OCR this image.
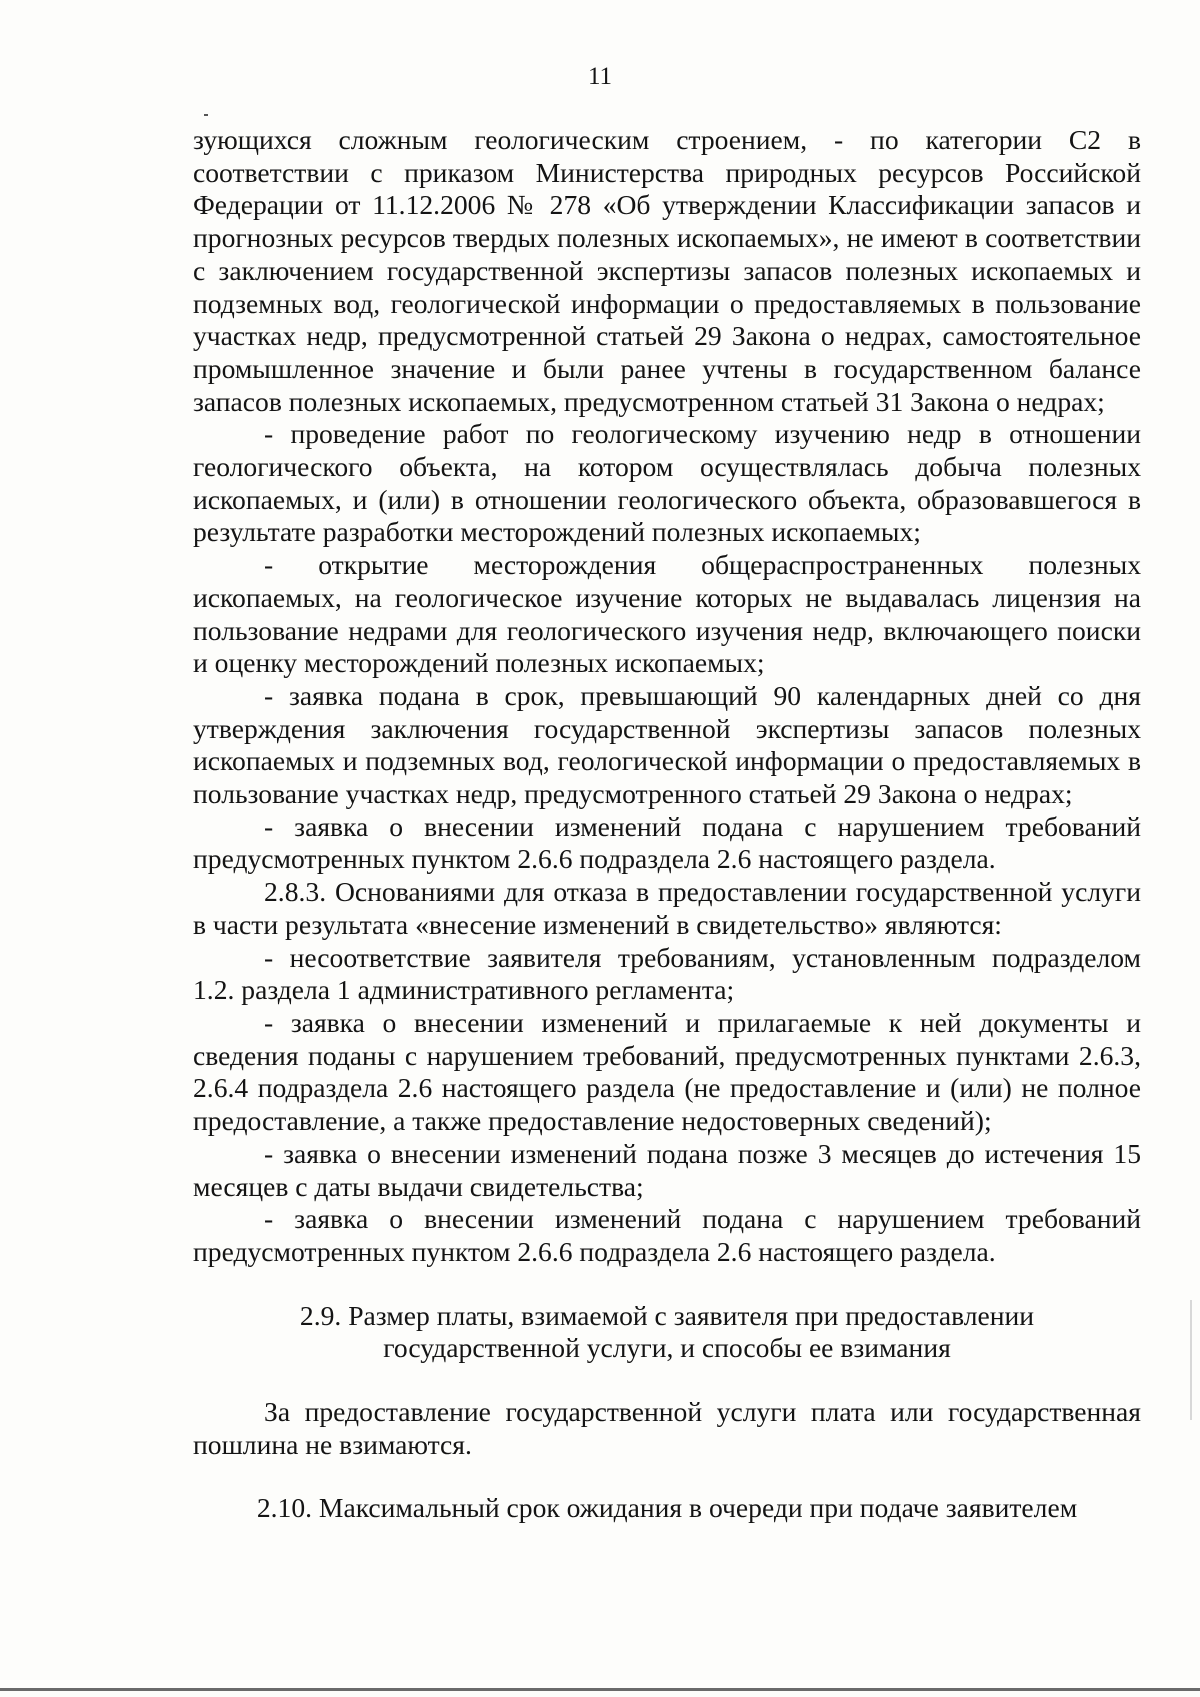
11

зующихся сложным геологическим строением, - по категории С2 в соответствии с приказом Министерства природных ресурсов Российской Федерации от 11.12.2006 № 278 «Об утверждении Классификации запасов и прогнозных ресурсов твердых полезных ископаемых», не имеют в соответствии с заключением государственной экспертизы запасов полезных ископаемых и подземных вод, геологической информации о предоставляемых в пользование участках недр, предусмотренной статьей 29 Закона о недрах, самостоятельное промышленное значение и были ранее учтены в государственном балансе запасов полезных ископаемых, предусмотренном статьей 31 Закона о недрах;

- проведение работ по геологическому изучению недр в отношении геологического объекта, на котором осуществлялась добыча полезных ископаемых, и (или) в отношении геологического объекта, образовавшегося в результате разработки месторождений полезных ископаемых;

- открытие месторождения общераспространенных полезных ископаемых, на геологическое изучение которых не выдавалась лицензия на пользование недрами для геологического изучения недр, включающего поиски и оценку месторождений полезных ископаемых;

- заявка подана в срок, превышающий 90 календарных дней со дня утверждения заключения государственной экспертизы запасов полезных ископаемых и подземных вод, геологической информации о предоставляемых в пользование участках недр, предусмотренного статьей 29 Закона о недрах;

- заявка о внесении изменений подана с нарушением требований предусмотренных пунктом 2.6.6 подраздела 2.6 настоящего раздела.

2.8.3. Основаниями для отказа в предоставлении государственной услуги в части результата «внесение изменений в свидетельство» являются:

- несоответствие заявителя требованиям, установленным подразделом 1.2. раздела 1 административного регламента;

- заявка о внесении изменений и прилагаемые к ней документы и сведения поданы с нарушением требований, предусмотренных пунктами 2.6.3, 2.6.4 подраздела 2.6 настоящего раздела (не предоставление и (или) не полное предоставление, а также предоставление недостоверных сведений);

- заявка о внесении изменений подана позже 3 месяцев до истечения 15 месяцев с даты выдачи свидетельства;

- заявка о внесении изменений подана с нарушением требований предусмотренных пунктом 2.6.6 подраздела 2.6 настоящего раздела.

2.9. Размер платы, взимаемой с заявителя при предоставлении
государственной услуги, и способы ее взимания

За предоставление государственной услуги плата или государственная пошлина не взимаются.

2.10. Максимальный срок ожидания в очереди при подаче заявителем
